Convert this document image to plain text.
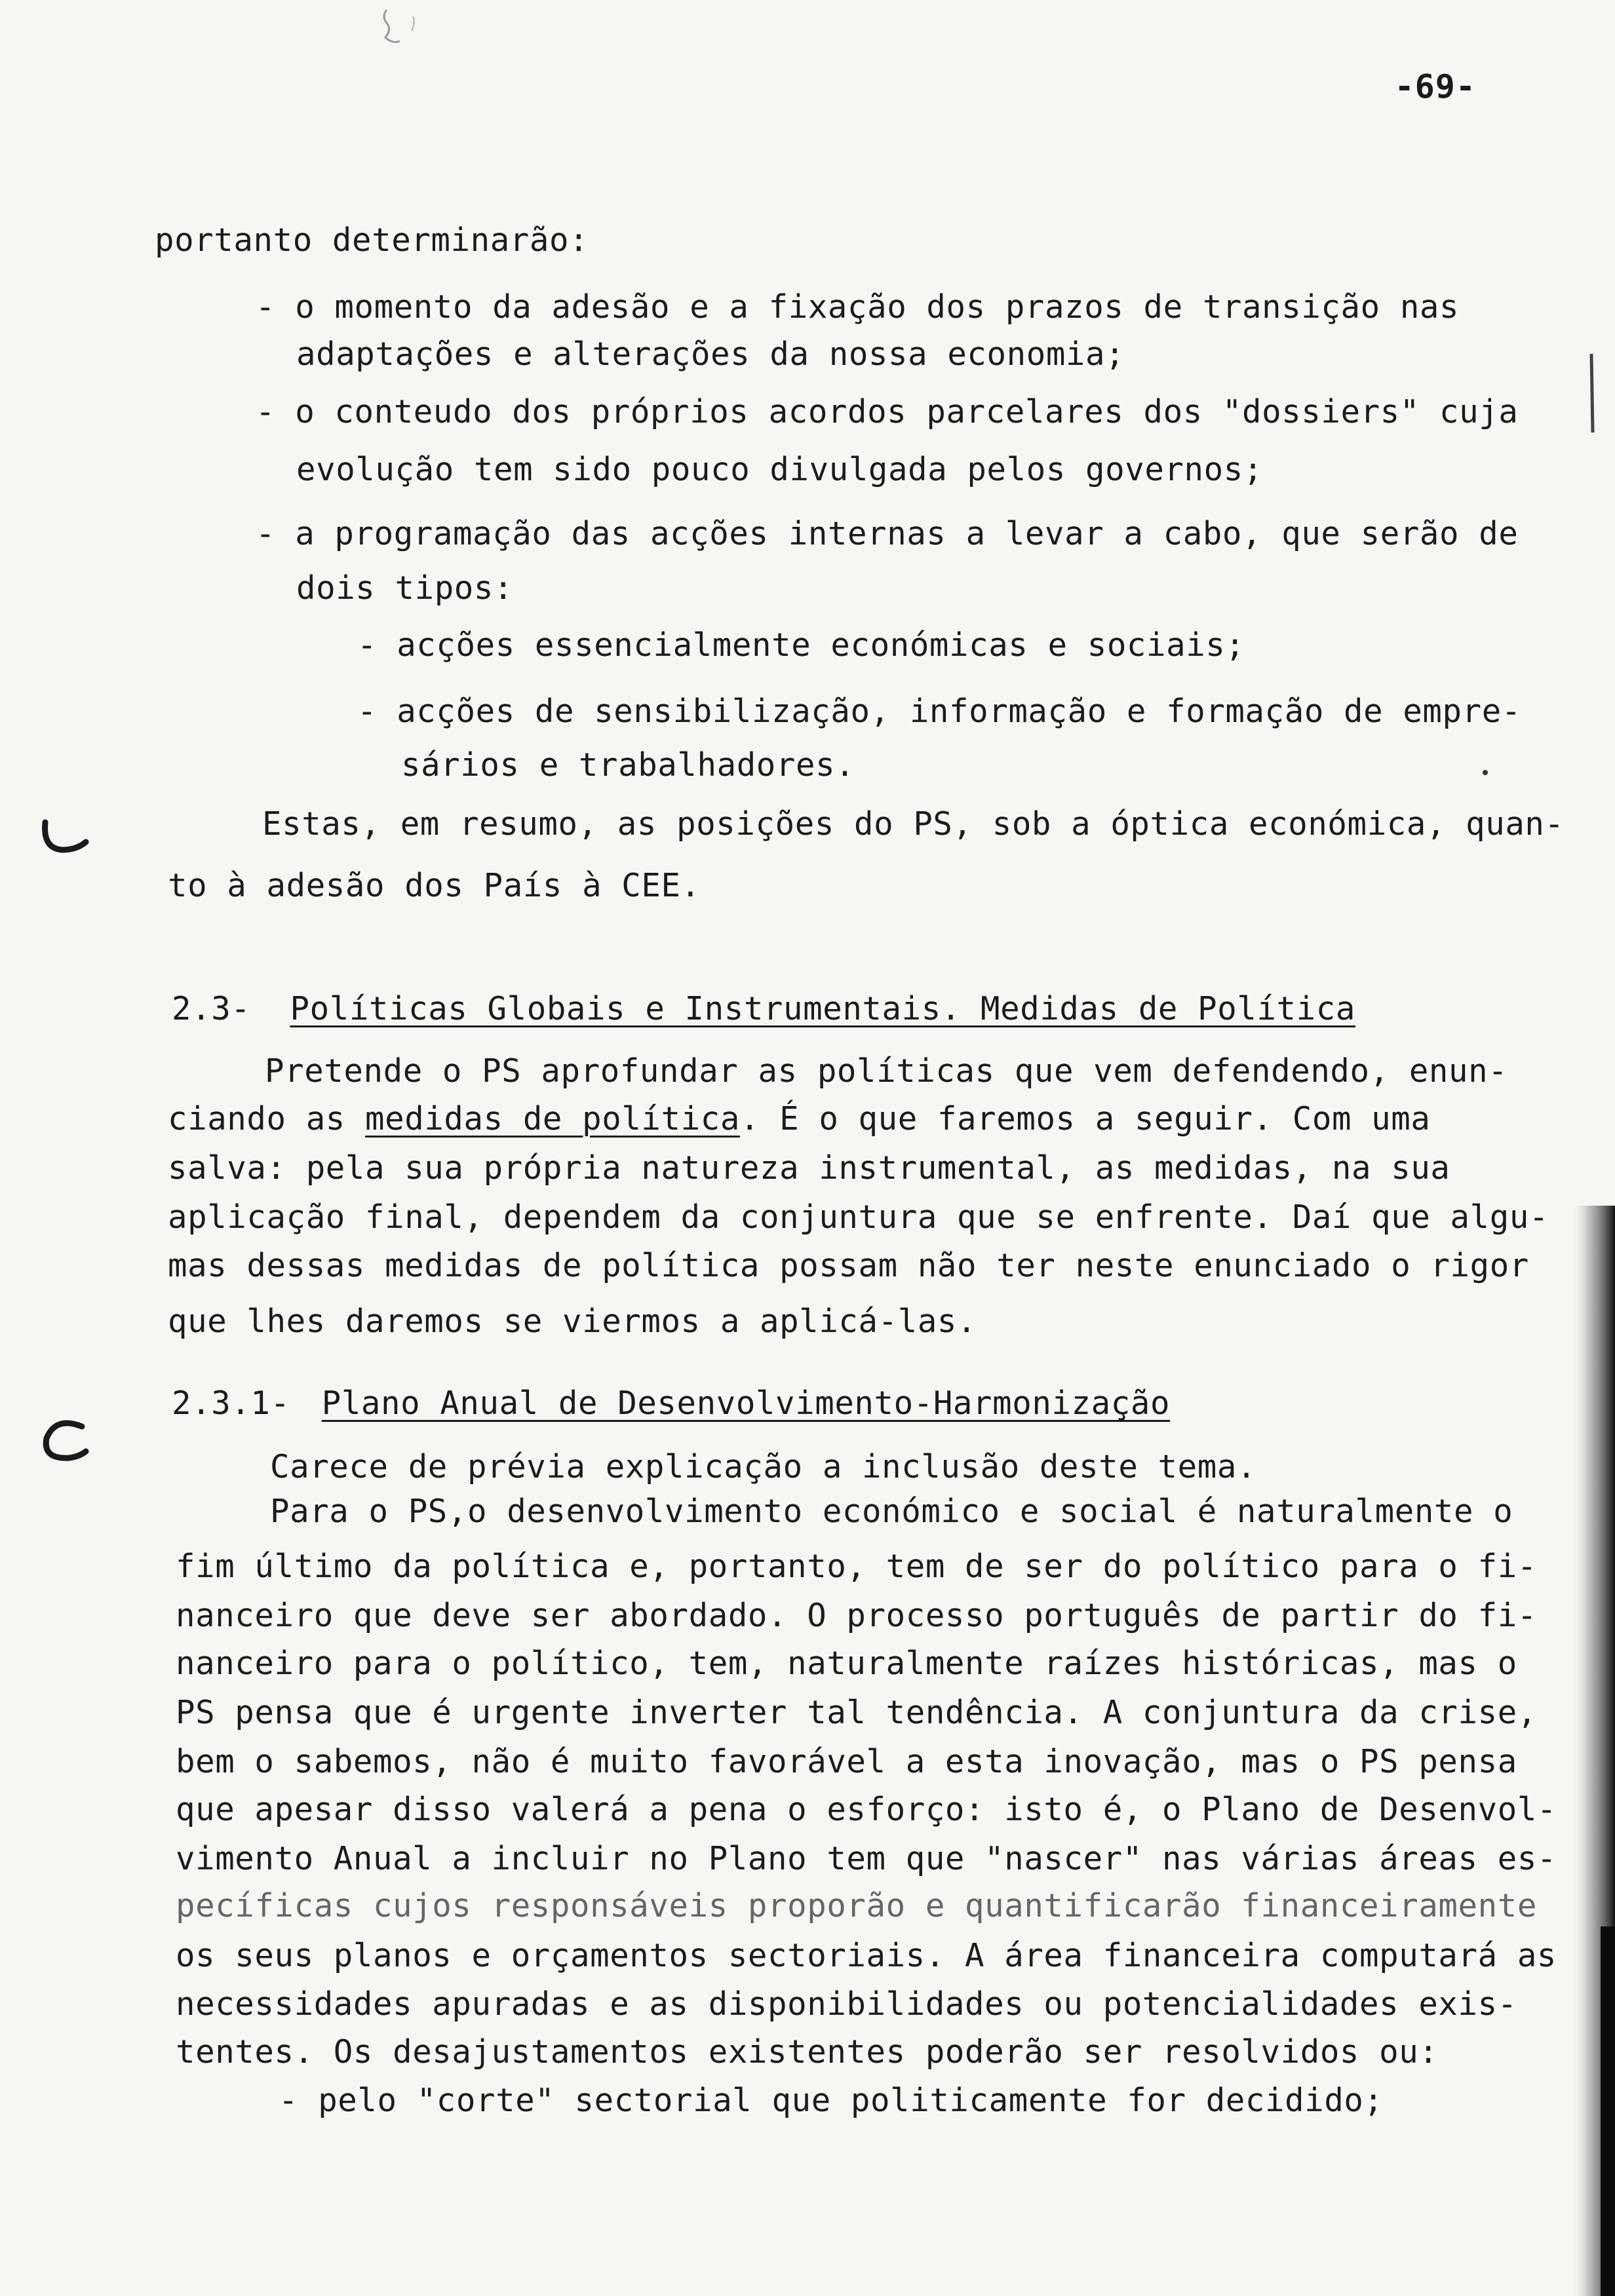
-69-
portanto determinarão:
- o momento da adesão e a fixação dos prazos de transição nas
adaptações e alterações da nossa economia;
- o conteudo dos próprios acordos parcelares dos "dossiers" cuja
evolução tem sido pouco divulgada pelos governos;
- a programação das acções internas a levar a cabo, que serão de
dois tipos:
- acções essencialmente económicas e sociais;
- acções de sensibilização, informação e formação de empre-
sários e trabalhadores.
Estas, em resumo, as posições do PS, sob a óptica económica, quan-
to à adesão dos País à CEE.
2.3- Políticas Globais e Instrumentais. Medidas de Política
Pretende o PS aprofundar as políticas que vem defendendo, enun-
ciando as medidas de política. É o que faremos a seguir. Com uma
salva: pela sua própria natureza instrumental, as medidas, na sua
aplicação final, dependem da conjuntura que se enfrente. Daí que algu-
mas dessas medidas de política possam não ter neste enunciado o rigor
que lhes daremos se viermos a aplicá-las.
2.3.1- Plano Anual de Desenvolvimento-Harmonização
Carece de prévia explicação a inclusão deste tema.
Para o PS,o desenvolvimento económico e social é naturalmente o
fim último da política e, portanto, tem de ser do político para o fi-
nanceiro que deve ser abordado. O processo português de partir do fi-
nanceiro para o político, tem, naturalmente raízes históricas, mas o
PS pensa que é urgente inverter tal tendência. A conjuntura da crise,
bem o sabemos, não é muito favorável a esta inovação, mas o PS pensa
que apesar disso valerá a pena o esforço: isto é, o Plano de Desenvol-
vimento Anual a incluir no Plano tem que "nascer" nas várias áreas es-
pecíficas cujos responsáveis proporão e quantificarão financeiramente
os seus planos e orçamentos sectoriais. A área financeira computará as
necessidades apuradas e as disponibilidades ou potencialidades exis-
tentes. Os desajustamentos existentes poderão ser resolvidos ou:
- pelo "corte" sectorial que politicamente for decidido;
